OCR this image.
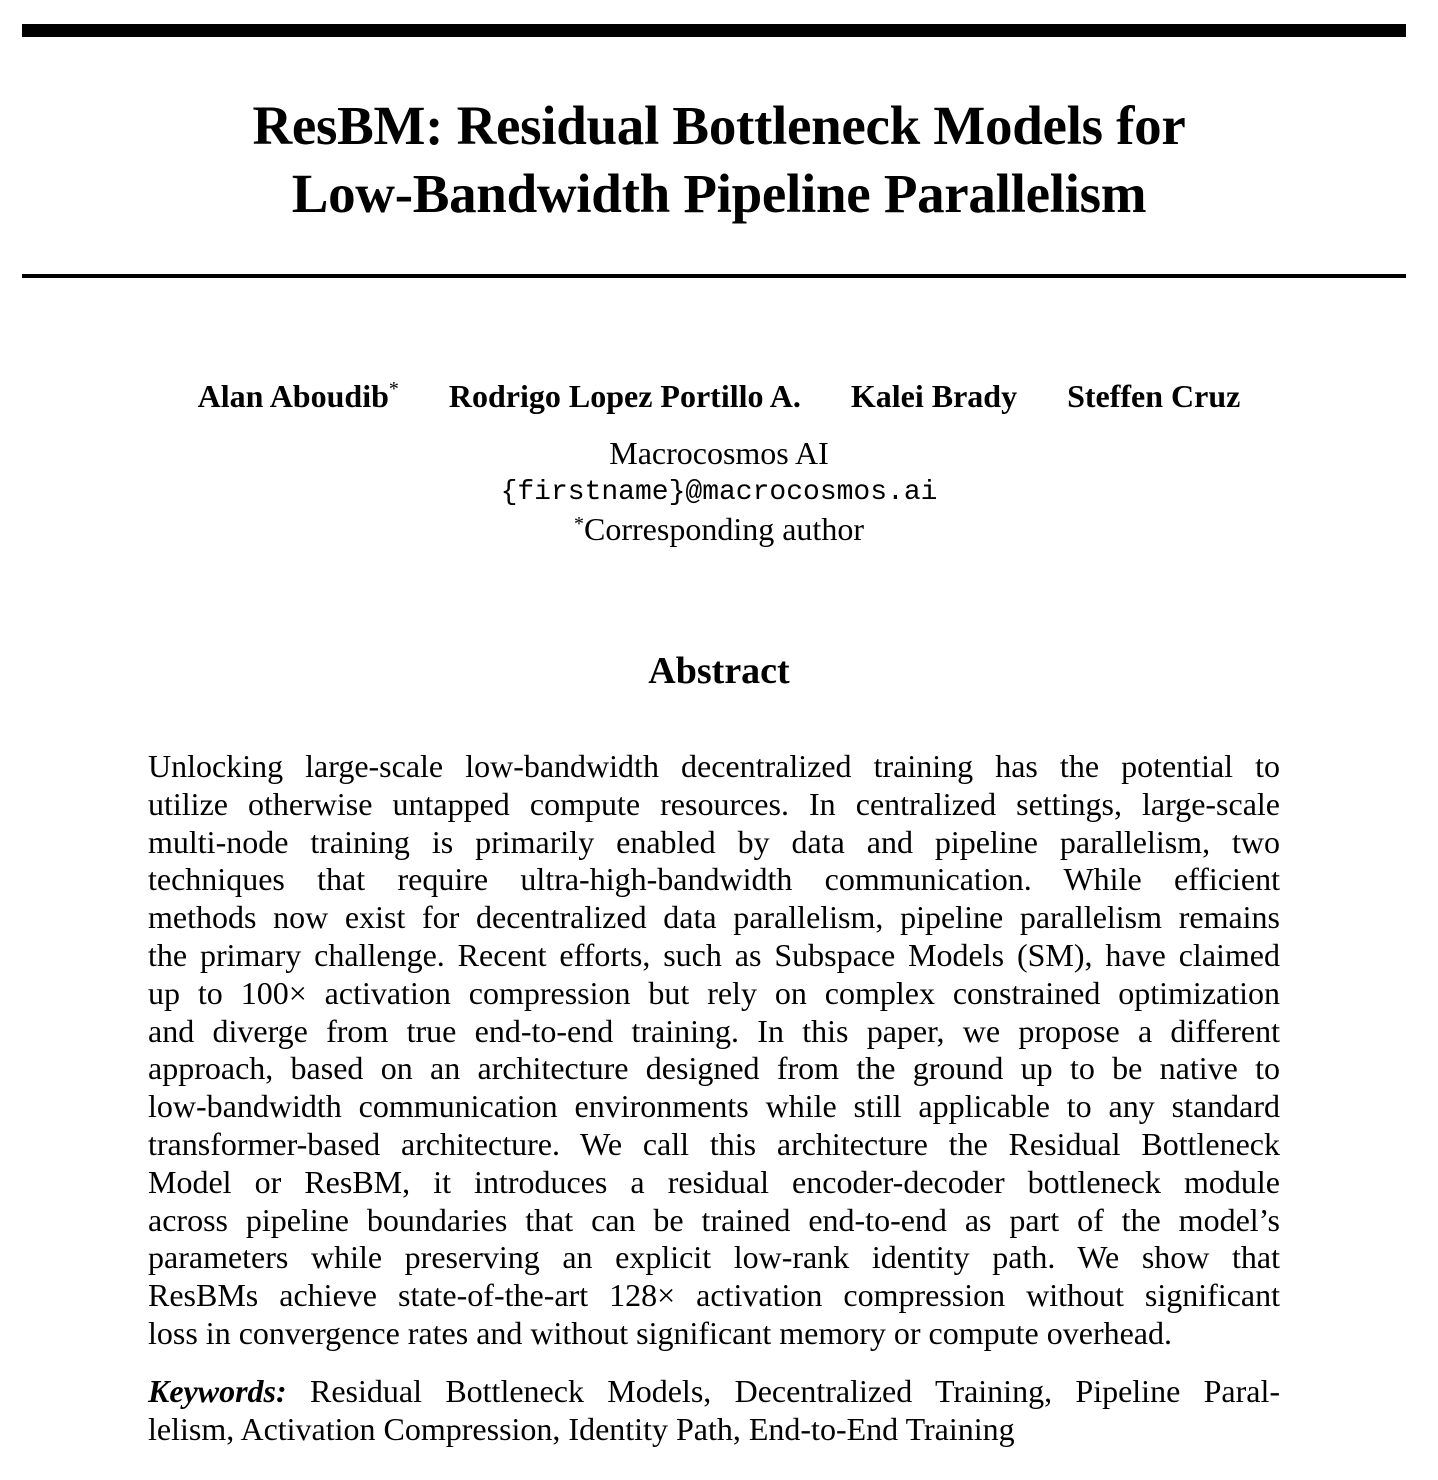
ResBM: Residual Bottleneck Models for
Low-Bandwidth Pipeline Parallelism
Alan Aboudib* Rodrigo Lopez Portillo A. Kalei Brady Steffen Cruz
Macrocosmos AI
{firstname}@macrocosmos.ai
*Corresponding author
Abstract
Unlocking large-scale low-bandwidth decentralized training has the potential to
utilize otherwise untapped compute resources. In centralized settings, large-scale
multi-node training is primarily enabled by data and pipeline parallelism, two
techniques that require ultra-high-bandwidth communication. While efficient
methods now exist for decentralized data parallelism, pipeline parallelism remains
the primary challenge. Recent efforts, such as Subspace Models (SM), have claimed
up to 100× activation compression but rely on complex constrained optimization
and diverge from true end-to-end training. In this paper, we propose a different
approach, based on an architecture designed from the ground up to be native to
low-bandwidth communication environments while still applicable to any standard
transformer-based architecture. We call this architecture the Residual Bottleneck
Model or ResBM, it introduces a residual encoder-decoder bottleneck module
across pipeline boundaries that can be trained end-to-end as part of the model’s
parameters while preserving an explicit low-rank identity path. We show that
ResBMs achieve state-of-the-art 128× activation compression without significant
loss in convergence rates and without significant memory or compute overhead.
Keywords: Residual Bottleneck Models, Decentralized Training, Pipeline Paral-
lelism, Activation Compression, Identity Path, End-to-End Training
